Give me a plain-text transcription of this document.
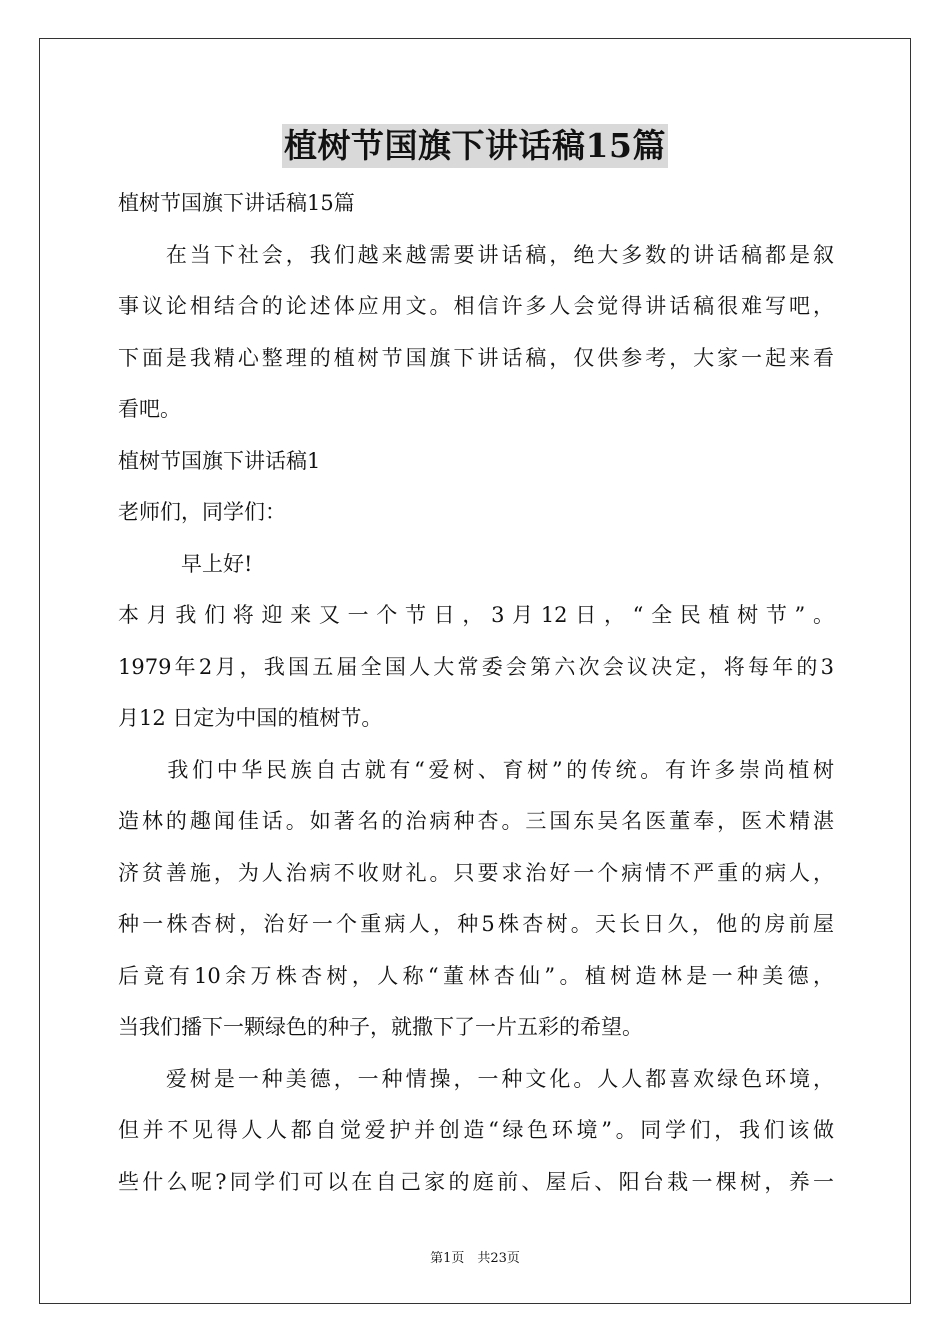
植树节国旗下讲话稿15篇
植树节国旗下讲话稿15篇
　　在当下社会，我们越来越需要讲话稿，绝大多数的讲话稿都是叙
事议论相结合的论述体应用文。相信许多人会觉得讲话稿很难写吧，
下面是我精心整理的植树节国旗下讲话稿，仅供参考，大家一起来看
看吧。
植树节国旗下讲话稿1
老师们，同学们：
　　　早上好!
本月我们将迎来又一个节日，3月12日，“全民植树节”。
1979年2月，我国五届全国人大常委会第六次会议决定，将每年的3
月12 日定为中国的植树节。
　　我们中华民族自古就有“爱树、育树”的传统。有许多崇尚植树
造林的趣闻佳话。如著名的治病种杏。三国东吴名医董奉，医术精湛
济贫善施，为人治病不收财礼。只要求治好一个病情不严重的病人，
种一株杏树，治好一个重病人，种5株杏树。天长日久，他的房前屋
后竟有10余万株杏树，人称“董林杏仙”。植树造林是一种美德，
当我们播下一颗绿色的种子，就撒下了一片五彩的希望。
　　爱树是一种美德，一种情操，一种文化。人人都喜欢绿色环境，
但并不见得人人都自觉爱护并创造“绿色环境”。同学们，我们该做
些什么呢?同学们可以在自己家的庭前、屋后、阳台栽一棵树，养一
第1页　共23页
